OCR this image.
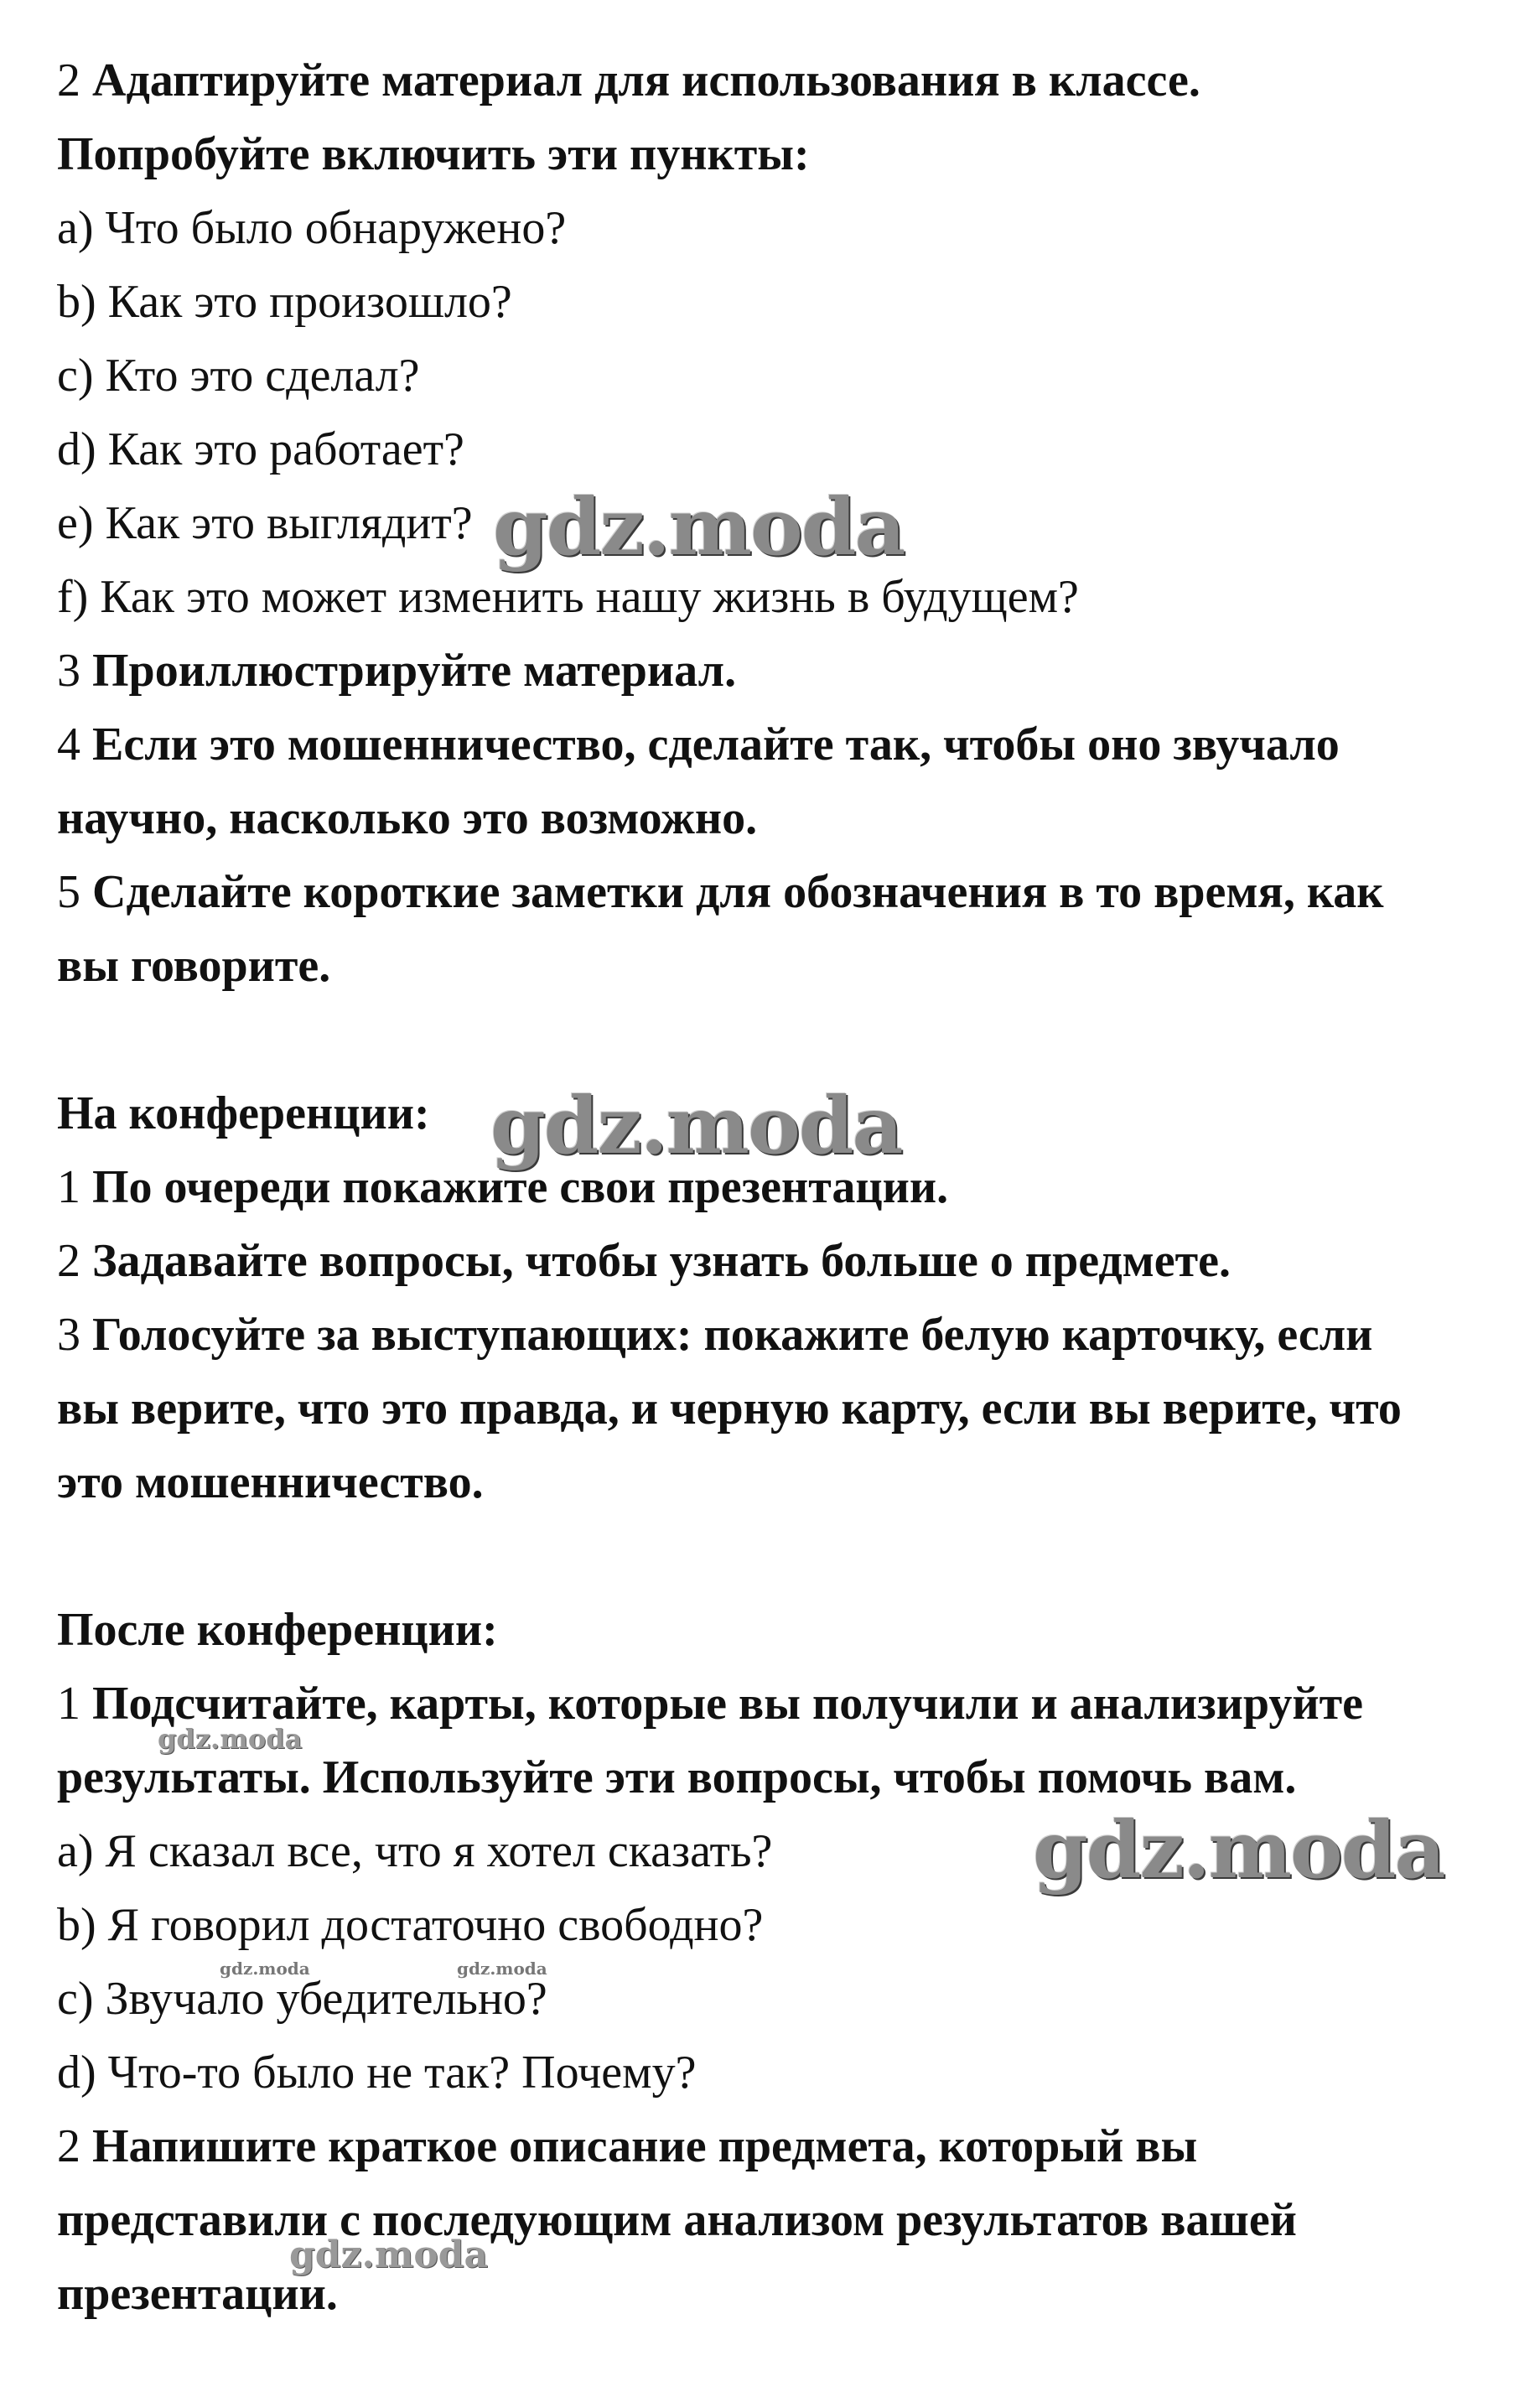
2 Адаптируйте материал для использования в классе.
Попробуйте включить эти пункты:
a) Что было обнаружено?
b) Как это произошло?
c) Кто это сделал?
d) Как это работает?
e) Как это выглядит?
f) Как это может изменить нашу жизнь в будущем?
3 Проиллюстрируйте материал.
4 Если это мошенничество, сделайте так, чтобы оно звучало
научно, насколько это возможно.
5 Сделайте короткие заметки для обозначения в то время, как
вы говорите.
На конференции:
1 По очереди покажите свои презентации.
2 Задавайте вопросы, чтобы узнать больше о предмете.
3 Голосуйте за выступающих: покажите белую карточку, если
вы верите, что это правда, и черную карту, если вы верите, что
это мошенничество.
После конференции:
1 Подсчитайте, карты, которые вы получили и анализируйте
результаты. Используйте эти вопросы, чтобы помочь вам.
a) Я сказал все, что я хотел сказать?
b) Я говорил достаточно свободно?
c) Звучало убедительно?
d) Что-то было не так? Почему?
2 Напишите краткое описание предмета, который вы
представили с последующим анализом результатов вашей
презентации.
gdz.moda
gdz.moda
gdz.moda
gdz.moda
gdz.moda	gdz.moda
gdz.moda
